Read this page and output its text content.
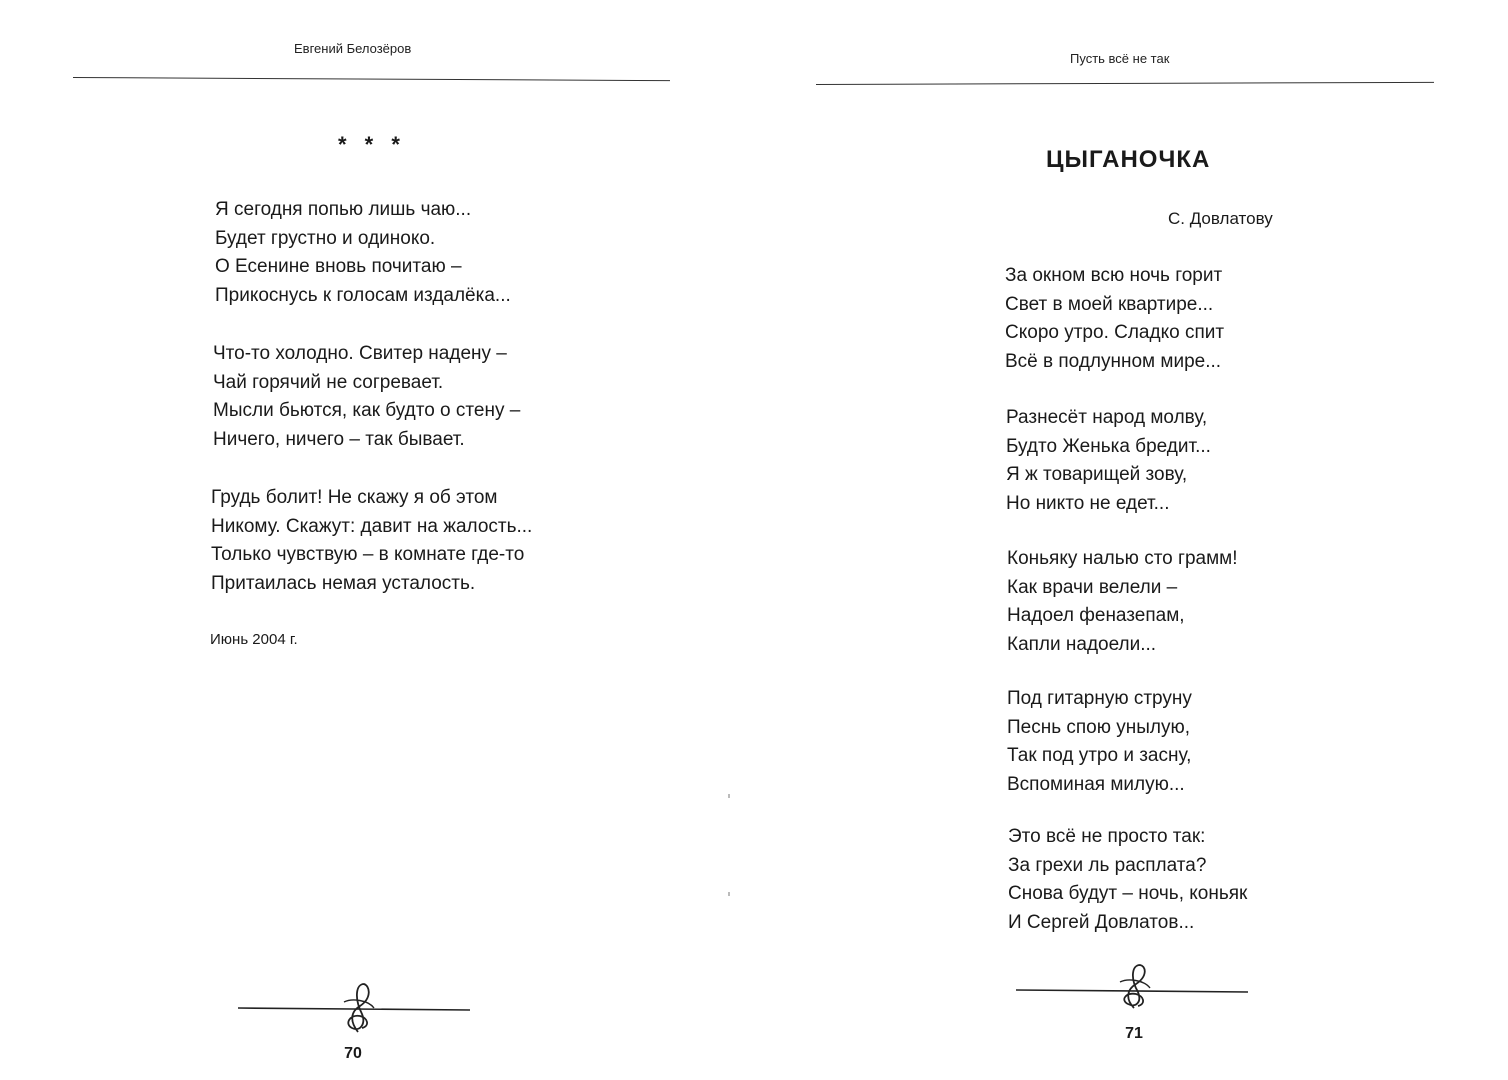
Евгений Белозёров
* * *
Я сегодня попью лишь чаю...
Будет грустно и одиноко.
О Есенине вновь почитаю –
Прикоснусь к голосам издалёка...
Что-то холодно. Свитер надену –
Чай горячий не согревает.
Мысли бьются, как будто о стену –
Ничего, ничего – так бывает.
Грудь болит! Не скажу я об этом
Никому. Скажут: давит на жалость...
Только чувствую – в комнате где-то
Притаилась немая усталость.
Июнь 2004 г.
70
Пусть всё не так
ЦЫГАНОЧКА
С. Довлатову
За окном всю ночь горит
Свет в моей квартире...
Скоро утро. Сладко спит
Всё в подлунном мире...
Разнесёт народ молву,
Будто Женька бредит...
Я ж товарищей зову,
Но никто не едет...
Коньяку налью сто грамм!
Как врачи велели –
Надоел феназепам,
Капли надоели...
Под гитарную струну
Песнь спою унылую,
Так под утро и засну,
Вспоминая милую...
Это всё не просто так:
За грехи ль расплата?
Снова будут – ночь, коньяк
И Сергей Довлатов...
71
